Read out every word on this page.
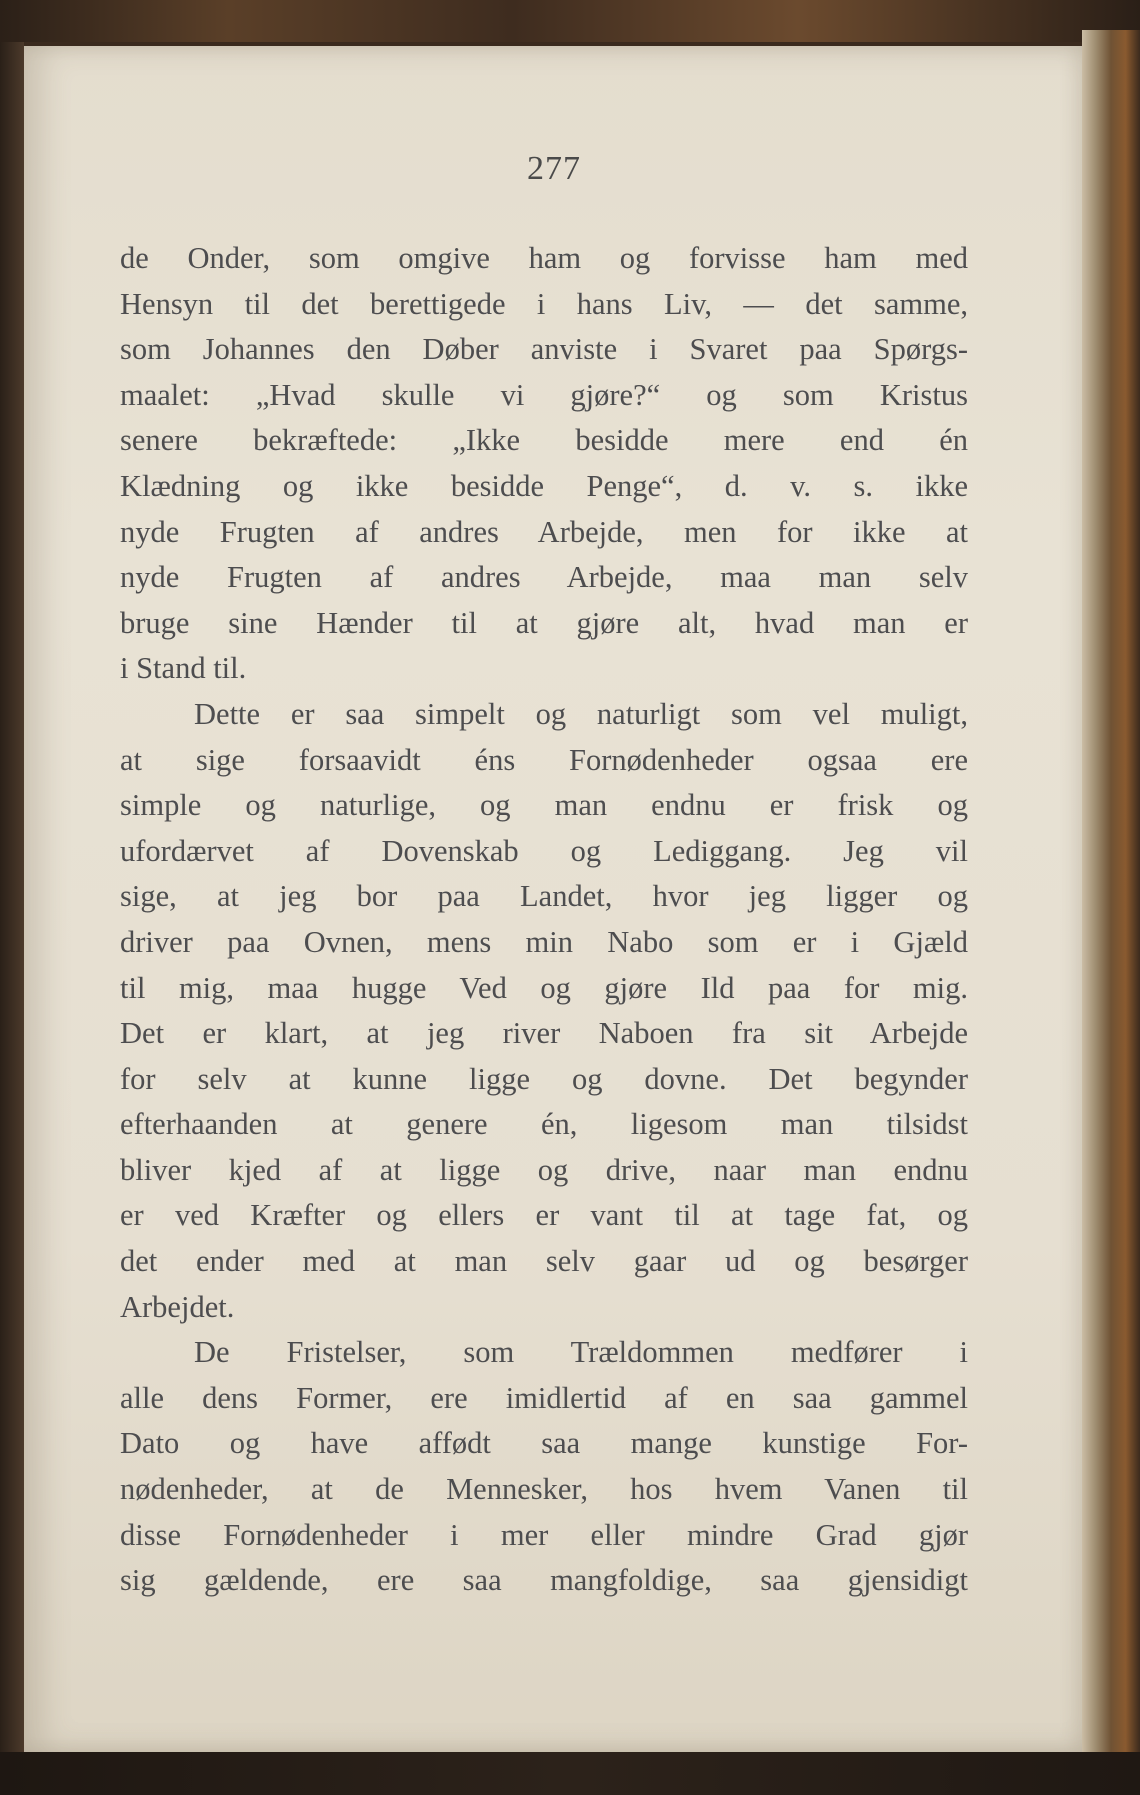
277
de Onder, som omgive ham og forvisse ham med
Hensyn til det berettigede i hans Liv, — det samme,
som Johannes den Døber anviste i Svaret paa Spørgs-
maalet: „Hvad skulle vi gjøre?“ og som Kristus
senere bekræftede: „Ikke besidde mere end én
Klædning og ikke besidde Penge“, d. v. s. ikke
nyde Frugten af andres Arbejde, men for ikke at
nyde Frugten af andres Arbejde, maa man selv
bruge sine Hænder til at gjøre alt, hvad man er
i Stand til.
Dette er saa simpelt og naturligt som vel muligt,
at sige forsaavidt éns Fornødenheder ogsaa ere
simple og naturlige, og man endnu er frisk og
ufordærvet af Dovenskab og Lediggang. Jeg vil
sige, at jeg bor paa Landet, hvor jeg ligger og
driver paa Ovnen, mens min Nabo som er i Gjæld
til mig, maa hugge Ved og gjøre Ild paa for mig.
Det er klart, at jeg river Naboen fra sit Arbejde
for selv at kunne ligge og dovne. Det begynder
efterhaanden at genere én, ligesom man tilsidst
bliver kjed af at ligge og drive, naar man endnu
er ved Kræfter og ellers er vant til at tage fat, og
det ender med at man selv gaar ud og besørger
Arbejdet.
De Fristelser, som Trældommen medfører i
alle dens Former, ere imidlertid af en saa gammel
Dato og have affødt saa mange kunstige For-
nødenheder, at de Mennesker, hos hvem Vanen til
disse Fornødenheder i mer eller mindre Grad gjør
sig gældende, ere saa mangfoldige, saa gjensidigt
